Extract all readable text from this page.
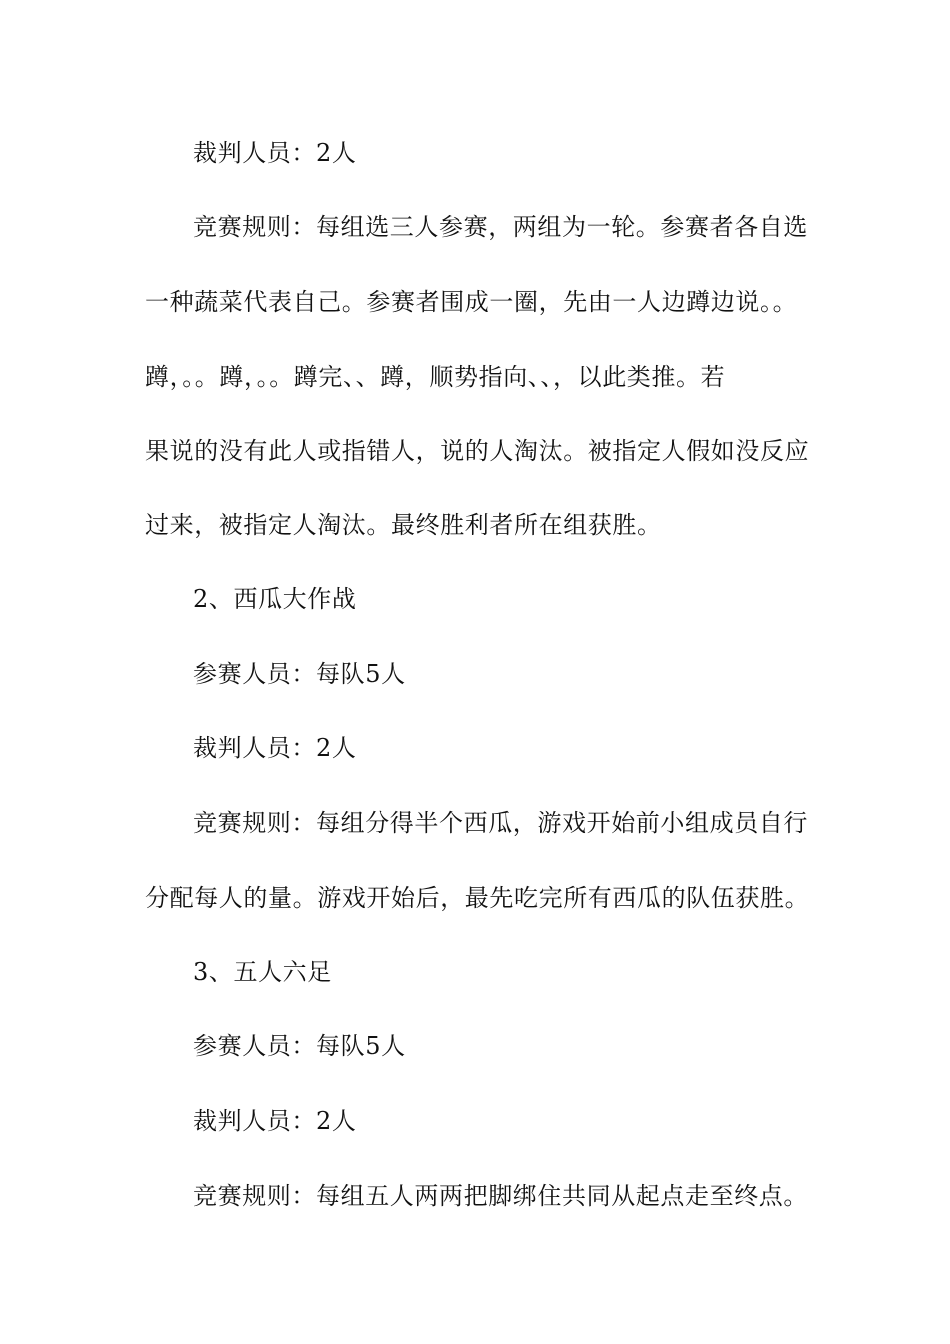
裁判人员：2人
竞赛规则：每组选三人参赛，两组为一轮。参赛者各自选
一种蔬菜代表自己。参赛者围成一圈，先由一人边蹲边说。。
蹲，。。蹲，。。蹲完、、蹲，顺势指向、、，以此类推。若
果说的没有此人或指错人，说的人淘汰。被指定人假如没反应
过来，被指定人淘汰。最终胜利者所在组获胜。
2、西瓜大作战
参赛人员：每队5人
裁判人员：2人
竞赛规则：每组分得半个西瓜，游戏开始前小组成员自行
分配每人的量。游戏开始后，最先吃完所有西瓜的队伍获胜。
3、五人六足
参赛人员：每队5人
裁判人员：2人
竞赛规则：每组五人两两把脚绑住共同从起点走至终点。
